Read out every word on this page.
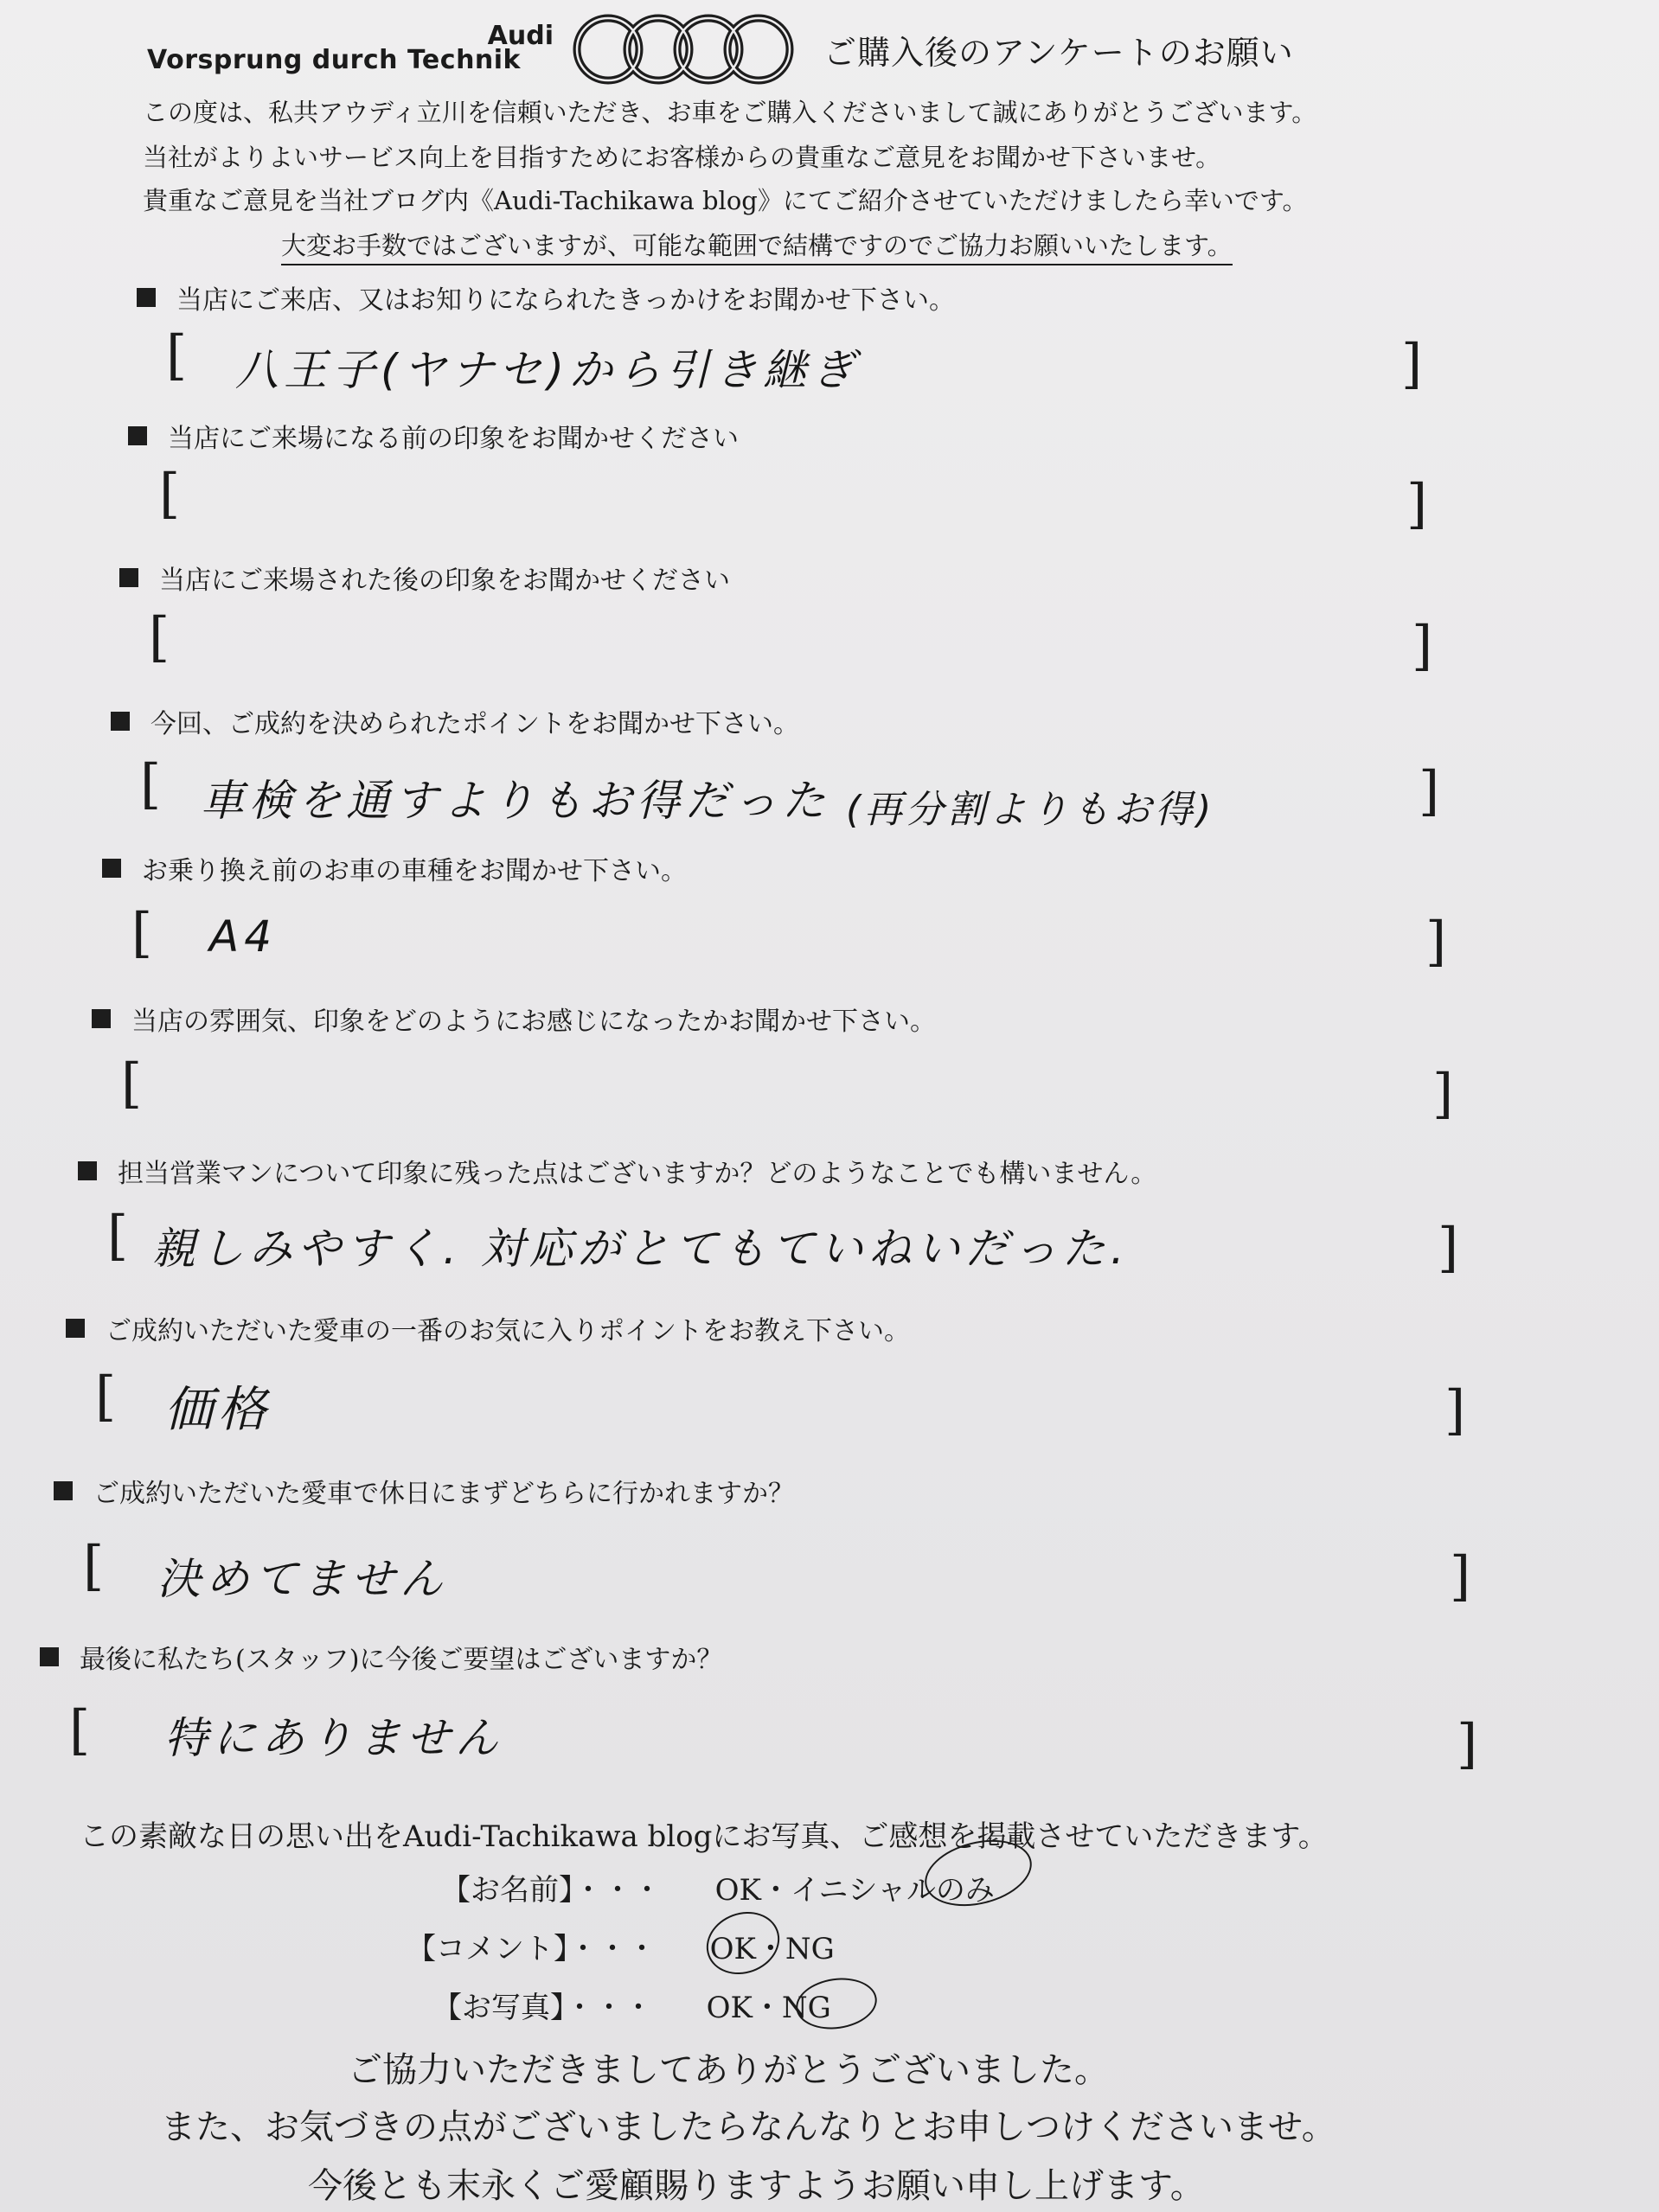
Audi
Vorsprung durch Technik	ご購入後のアンケートのお願い
この度は、私共アウディ立川を信頼いただき、お車をご購入くださいまして誠にありがとうございます。
当社がよりよいサービス向上を目指すためにお客様からの貴重なご意見をお聞かせ下さいませ。
貴重なご意見を当社ブログ内《Audi-Tachikawa blog》にてご紹介させていただけましたら幸いです。
大変お手数ではございますが、可能な範囲で結構ですのでご協力お願いいたします。
当店にご来店、又はお知りになられたきっかけをお聞かせ下さい。
[ 八王子(ヤナセ)から引き継ぎ	]
当店にご来場になる前の印象をお聞かせください
[	]
当店にご来場された後の印象をお聞かせください
[	]
今回、ご成約を決められたポイントをお聞かせ下さい。
[ 車検を通すよりもお得だった (再分割よりもお得)	]
お乗り換え前のお車の車種をお聞かせ下さい。
[ A4	]
当店の雰囲気、印象をどのようにお感じになったかお聞かせ下さい。
[	]
担当営業マンについて印象に残った点はございますか？どのようなことでも構いません。
[ 親しみやすく. 対応がとてもていねいだった.	]
ご成約いただいた愛車の一番のお気に入りポイントをお教え下さい。
[ 価格	]
ご成約いただいた愛車で休日にまずどちらに行かれますか？
[ 決めてません	]
最後に私たち(スタッフ)に今後ご要望はございますか？
[ 特にありません	]
この素敵な日の思い出をAudi-Tachikawa blogにお写真、ご感想を掲載させていただきます。
【お名前】・・・ OK・イニシャルのみ
【コメント】・・・ OK・NG
【お写真】・・・ OK・NG
ご協力いただきましてありがとうございました。
また、お気づきの点がございましたらなんなりとお申しつけくださいませ。
今後とも末永くご愛顧賜りますようお願い申し上げます。
